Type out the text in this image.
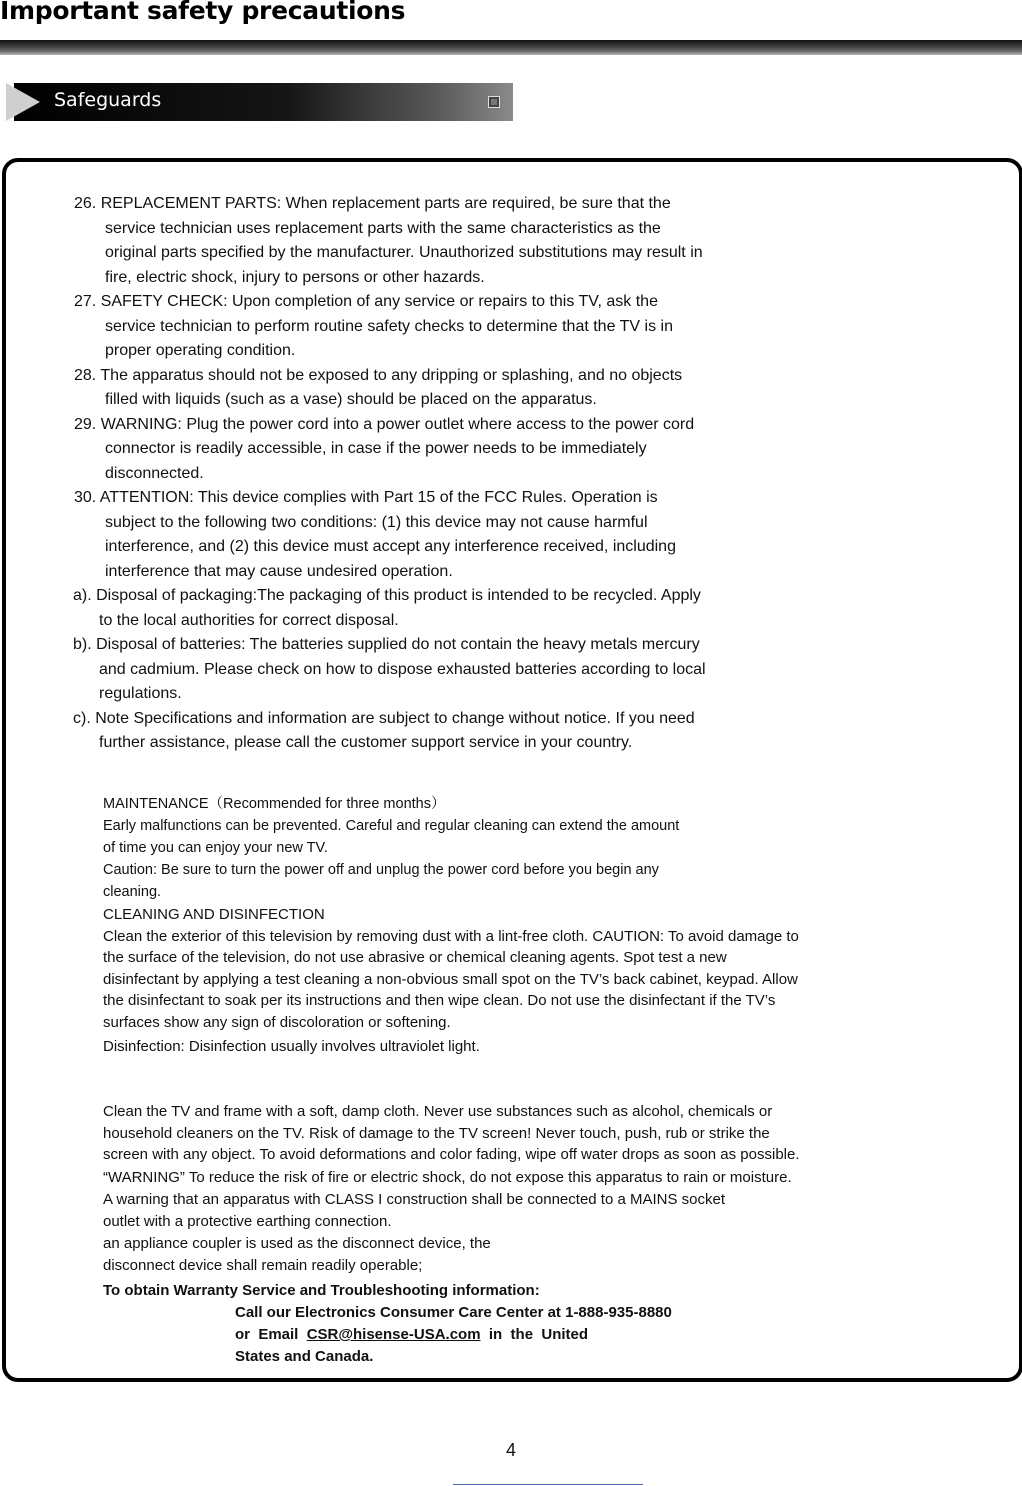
Important safety precautions
Safeguards
26. REPLACEMENT PARTS: When replacement parts are required, be sure that the
service technician uses replacement parts with the same characteristics as the
original parts specified by the manufacturer. Unauthorized substitutions may result in
fire, electric shock, injury to persons or other hazards.
27. SAFETY CHECK: Upon completion of any service or repairs to this TV, ask the
service technician to perform routine safety checks to determine that the TV is in
proper operating condition.
28. The apparatus should not be exposed to any dripping or splashing, and no objects
filled with liquids (such as a vase) should be placed on the apparatus.
29. WARNING: Plug the power cord into a power outlet where access to the power cord
connector is readily accessible, in case if the power needs to be immediately
disconnected.
30. ATTENTION: This device complies with Part 15 of the FCC Rules. Operation is
subject to the following two conditions: (1) this device may not cause harmful
interference, and (2) this device must accept any interference received, including
interference that may cause undesired operation.
a). Disposal of packaging:The packaging of this product is intended to be recycled. Apply
to the local authorities for correct disposal.
b). Disposal of batteries: The batteries supplied do not contain the heavy metals mercury
and cadmium. Please check on how to dispose exhausted batteries according to local
regulations.
c). Note Specifications and information are subject to change without notice. If you need
further assistance, please call the customer support service in your country.

MAINTENANCE（Recommended for three months）

Early malfunctions can be prevented. Careful and regular cleaning can extend the amount

of time you can enjoy your new TV.

Caution: Be sure to turn the power off and unplug the power cord before you begin any

cleaning.

CLEANING AND DISINFECTION

Clean the exterior of this television by removing dust with a lint-free cloth. CAUTION: To avoid damage to

the surface of the television, do not use abrasive or chemical cleaning agents. Spot test a new

disinfectant by applying a test cleaning a non-obvious small spot on the TV’s back cabinet, keypad. Allow

the disinfectant to soak per its instructions and then wipe clean. Do not use the disinfectant if the TV’s

surfaces show any sign of discoloration or softening.

Disinfection: Disinfection usually involves ultraviolet light.

Clean the TV and frame with a soft, damp cloth. Never use substances such as alcohol, chemicals or

household cleaners on the TV. Risk of damage to the TV screen! Never touch, push, rub or strike the

screen with any object. To avoid deformations and color fading, wipe off water drops as soon as possible.

“WARNING” To reduce the risk of fire or electric shock, do not expose this apparatus to rain or moisture.

A warning that an apparatus with CLASS I construction shall be connected to a MAINS socket

outlet with a protective earthing connection.

an appliance coupler is used as the disconnect device, the

disconnect device shall remain readily operable;

To obtain Warranty Service and Troubleshooting information:
Call our Electronics Consumer Care Center at 1-888-935-8880
or  Email  CSR@hisense-USA.com  in  the  United
States and Canada.
4
